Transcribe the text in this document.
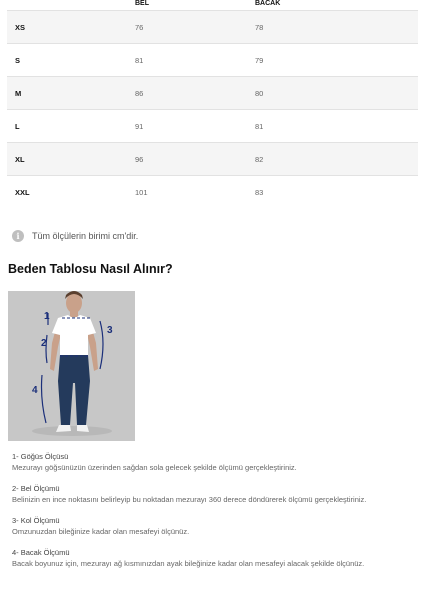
	BEL	BACAK
XS	76	78
S	81	79
M	86	80
L	91	81
XL	96	82
XXL	101	83
i	Tüm ölçülerin birimi cm'dir.
Beden Tablosu Nasıl Alınır?
1
2
3
4
1- Göğüs Ölçüsü
Mezurayı göğsünüzün üzerinden sağdan sola gelecek şekilde ölçümü gerçekleştiriniz.
2- Bel Ölçümü
Belinizin en ince noktasını belirleyip bu noktadan mezurayı 360 derece döndürerek ölçümü gerçekleştiriniz.
3- Kol Ölçümü
Omzunuzdan bileğinize kadar olan mesafeyi ölçünüz.
4- Bacak Ölçümü
Bacak boyunuz için, mezurayı ağ kısmınızdan ayak bileğinize kadar olan mesafeyi alacak şekilde ölçünüz.
